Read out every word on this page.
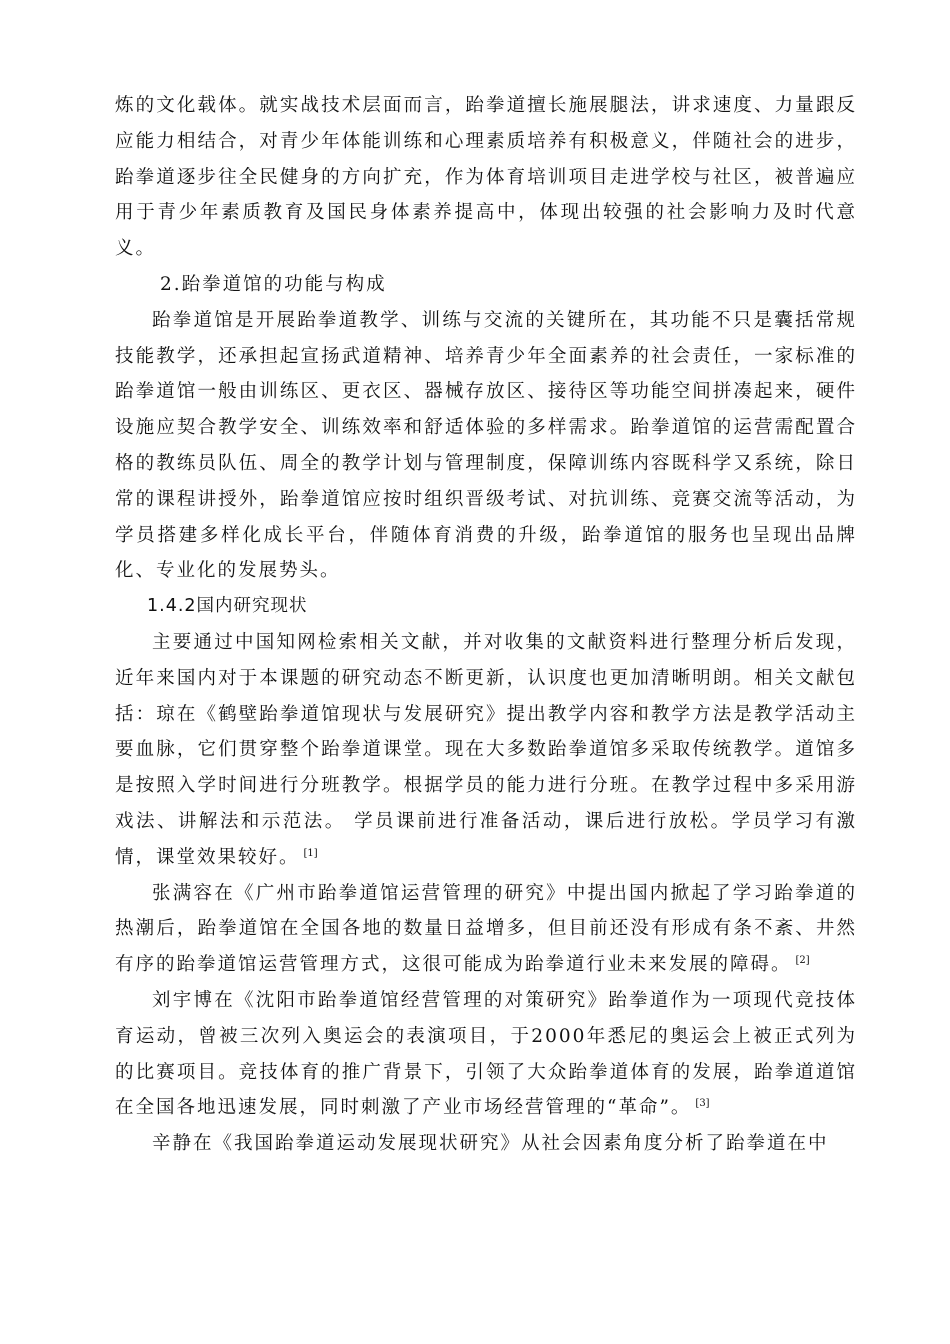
炼的文化载体。就实战技术层面而言，跆拳道擅长施展腿法，讲求速度、力量跟反应能力相结合，对青少年体能训练和心理素质培养有积极意义，伴随社会的进步，跆拳道逐步往全民健身的方向扩充，作为体育培训项目走进学校与社区，被普遍应用于青少年素质教育及国民身体素养提高中，体现出较强的社会影响力及时代意义。

2.跆拳道馆的功能与构成

跆拳道馆是开展跆拳道教学、训练与交流的关键所在，其功能不只是囊括常规技能教学，还承担起宣扬武道精神、培养青少年全面素养的社会责任，一家标准的跆拳道馆一般由训练区、更衣区、器械存放区、接待区等功能空间拼凑起来，硬件设施应契合教学安全、训练效率和舒适体验的多样需求。跆拳道馆的运营需配置合格的教练员队伍、周全的教学计划与管理制度，保障训练内容既科学又系统，除日常的课程讲授外，跆拳道馆应按时组织晋级考试、对抗训练、竞赛交流等活动，为学员搭建多样化成长平台，伴随体育消费的升级，跆拳道馆的服务也呈现出品牌化、专业化的发展势头。

1.4.2国内研究现状

主要通过中国知网检索相关文献，并对收集的文献资料进行整理分析后发现，近年来国内对于本课题的研究动态不断更新，认识度也更加清晰明朗。相关文献包括：琼在《鹤壁跆拳道馆现状与发展研究》提出教学内容和教学方法是教学活动主要血脉，它们贯穿整个跆拳道课堂。现在大多数跆拳道馆多采取传统教学。道馆多是按照入学时间进行分班教学。根据学员的能力进行分班。在教学过程中多采用游戏法、讲解法和示范法。 学员课前进行准备活动，课后进行放松。学员学习有激情，课堂效果较好。 [1]

张满容在《广州市跆拳道馆运营管理的研究》中提出国内掀起了学习跆拳道的热潮后，跆拳道馆在全国各地的数量日益增多，但目前还没有形成有条不紊、井然有序的跆拳道馆运营管理方式，这很可能成为跆拳道行业未来发展的障碍。 [2]

刘宇博在《沈阳市跆拳道馆经营管理的对策研究》跆拳道作为一项现代竞技体育运动，曾被三次列入奥运会的表演项目，于2000年悉尼的奥运会上被正式列为的比赛项目。竞技体育的推广背景下，引领了大众跆拳道体育的发展，跆拳道道馆在全国各地迅速发展，同时刺激了产业市场经营管理的“革命”。 [3]

辛静在《我国跆拳道运动发展现状研究》从社会因素角度分析了跆拳道在中
